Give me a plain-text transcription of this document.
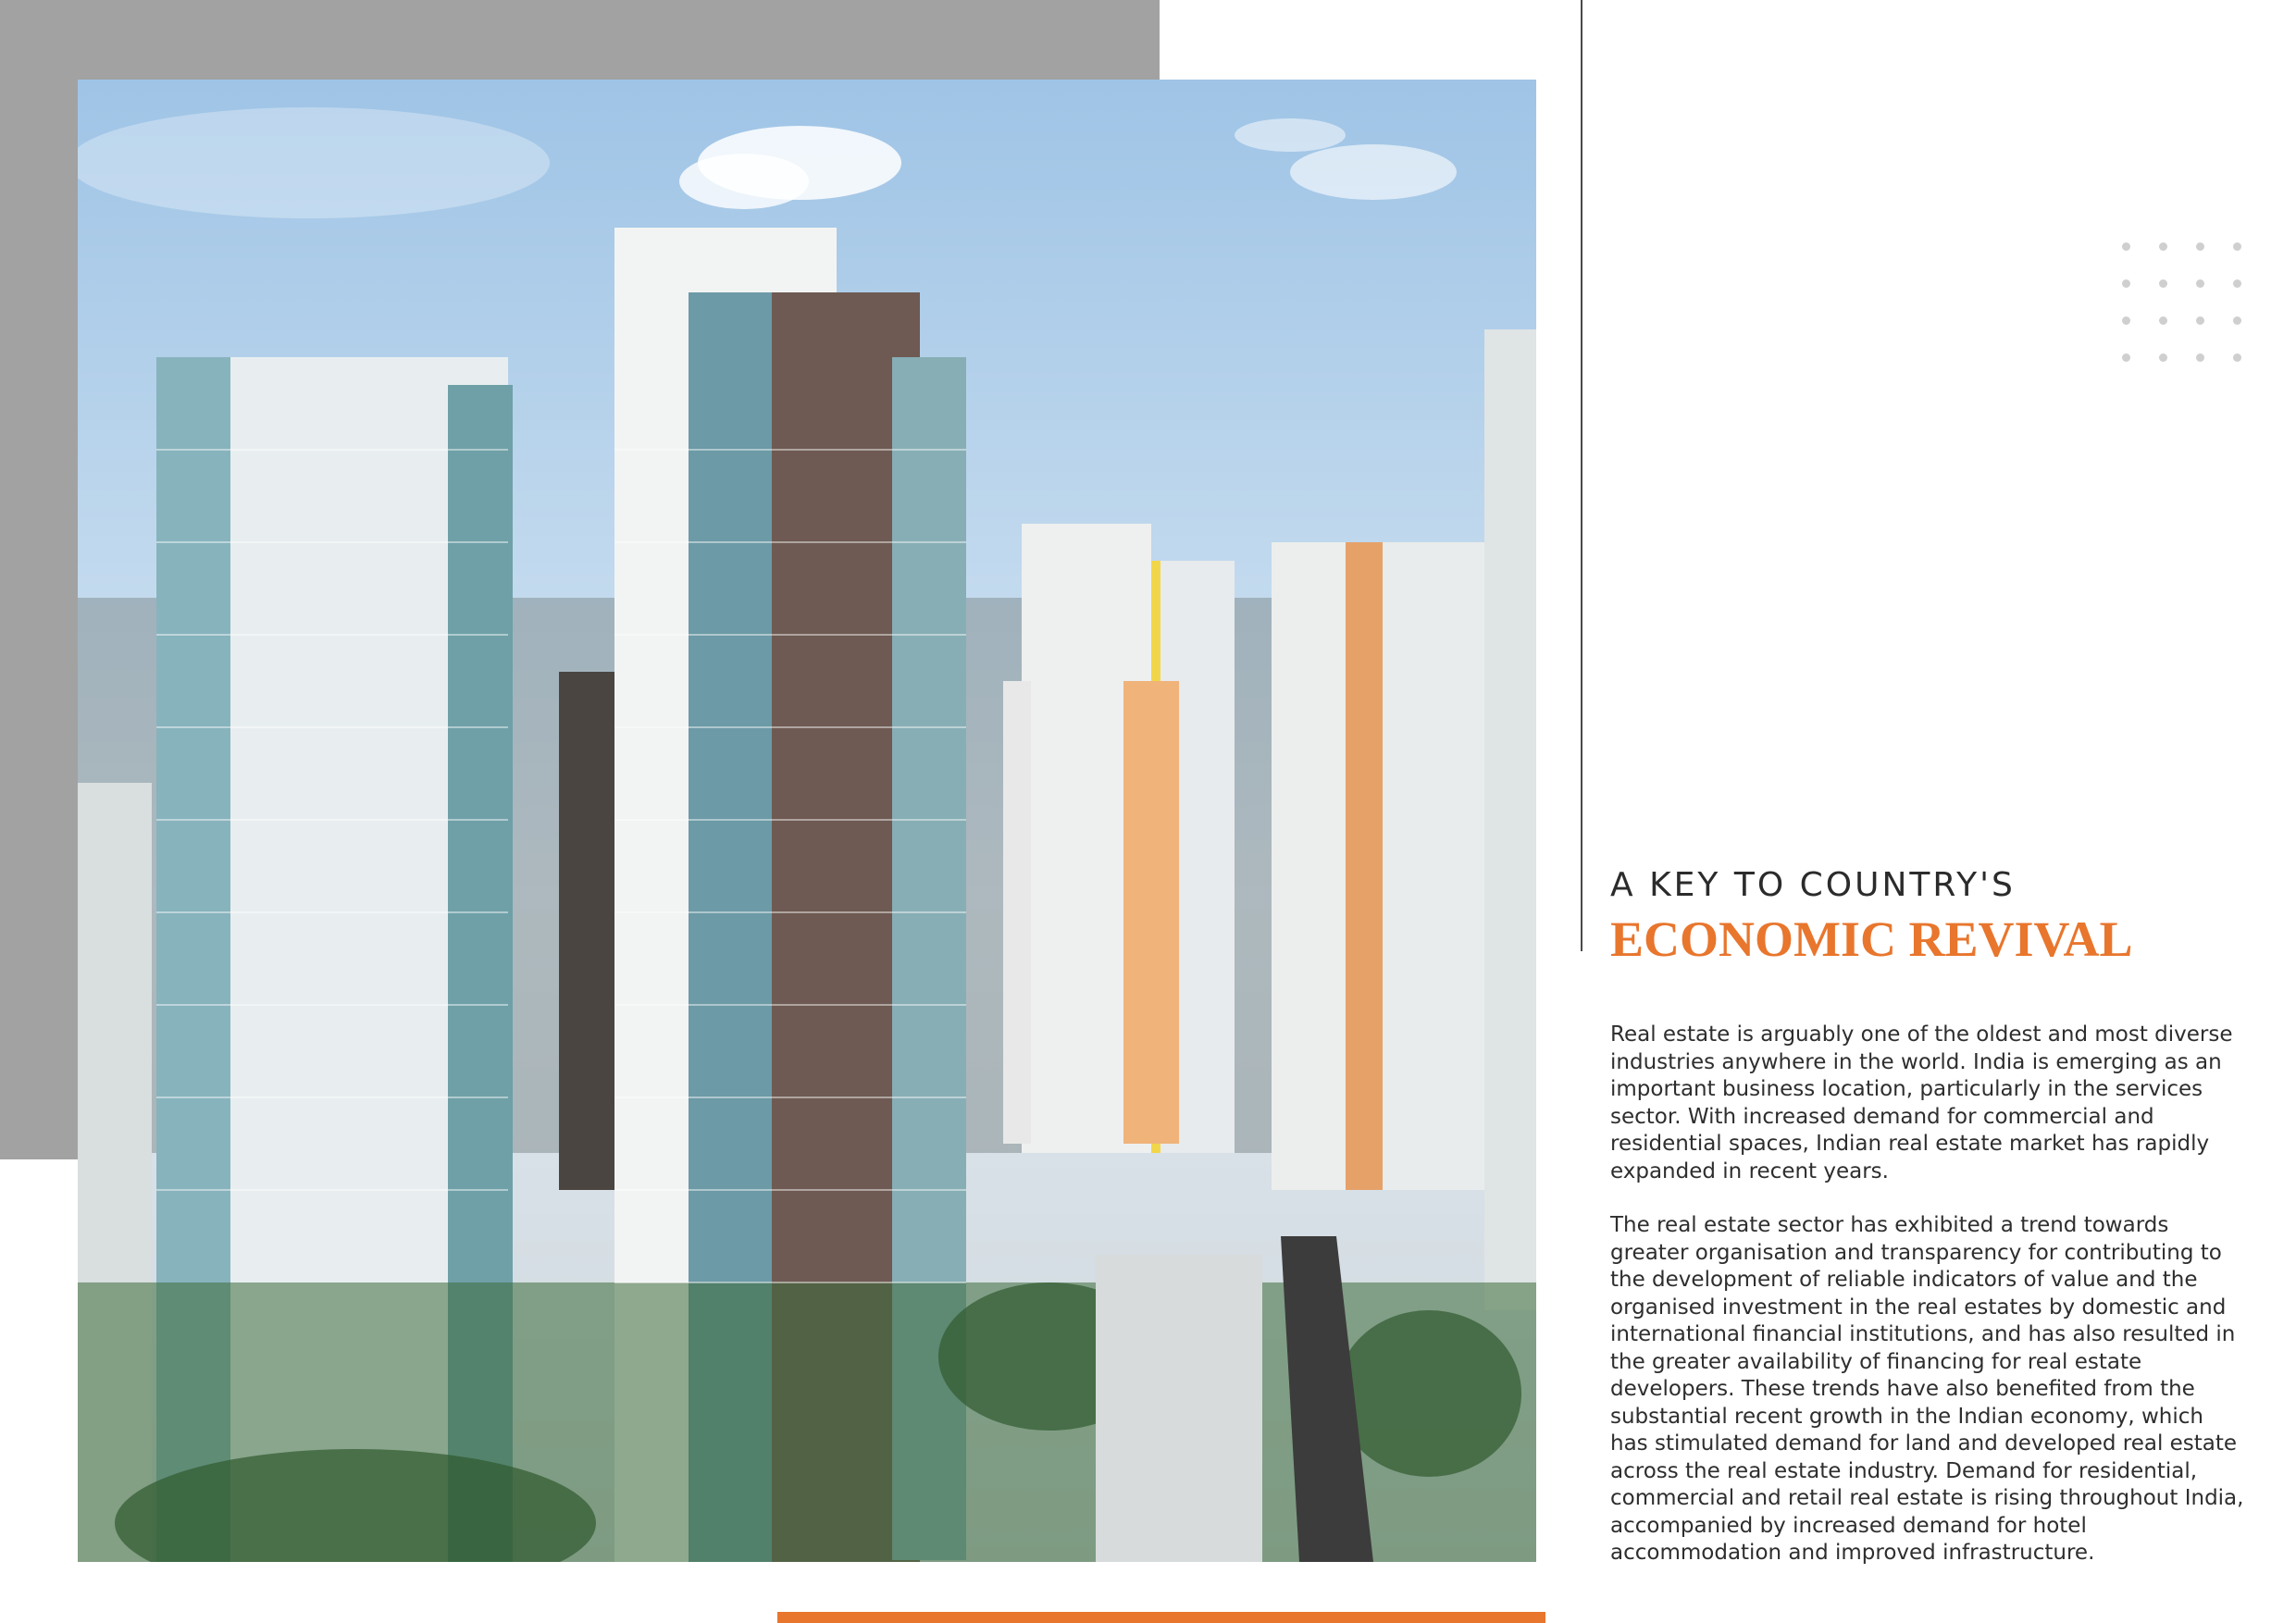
A KEY TO COUNTRY'S
ECONOMIC REVIVAL

Real estate is arguably one of the oldest and most diverse industries anywhere in the world. India is emerging as an important business location, particularly in the services sector. With increased demand for commercial and residential spaces, Indian real estate market has rapidly expanded in recent years.

The real estate sector has exhibited a trend towards greater organisation and transparency for contributing to the development of reliable indicators of value and the organised investment in the real estates by domestic and international financial institutions, and has also resulted in the greater availability of financing for real estate developers. These trends have also benefited from the substantial recent growth in the Indian economy, which has stimulated demand for land and developed real estate across the real estate industry. Demand for residential, commercial and retail real estate is rising throughout India, accompanied by increased demand for hotel accommodation and improved infrastructure.
